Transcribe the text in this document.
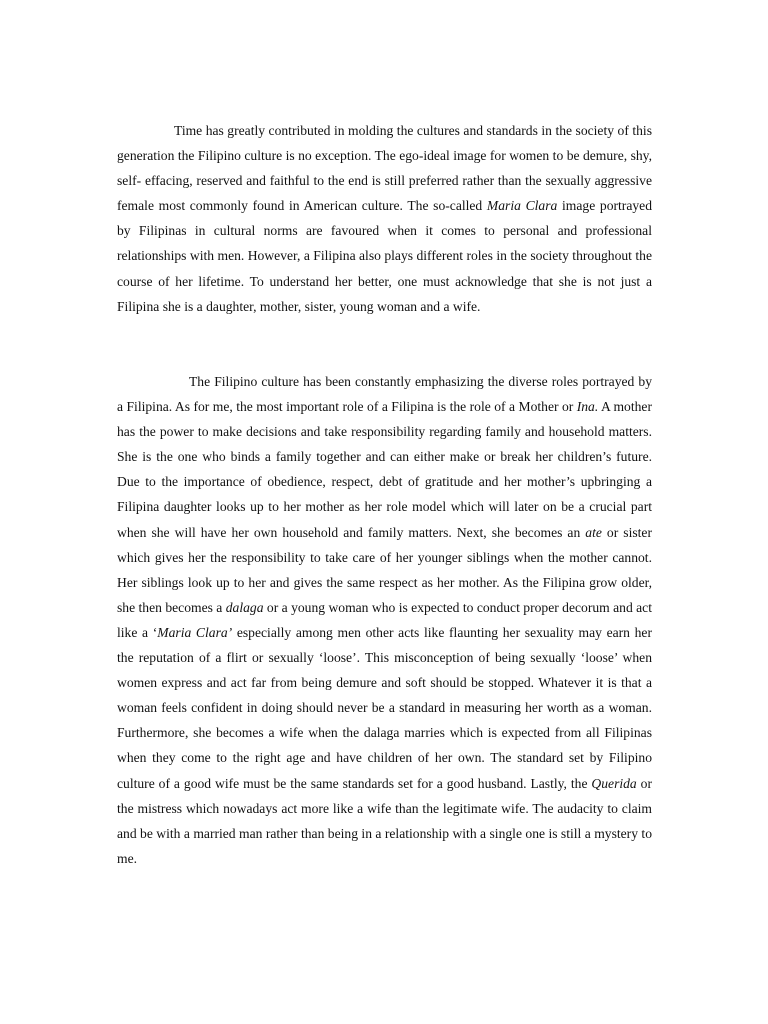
Time has greatly contributed in molding the cultures and standards in the society of this generation the Filipino culture is no exception. The ego-ideal image for women to be demure, shy, self- effacing, reserved and faithful to the end is still preferred rather than the sexually aggressive female most commonly found in American culture. The so-called Maria Clara image portrayed by Filipinas in cultural norms are favoured when it comes to personal and professional relationships with men. However, a Filipina also plays different roles in the society throughout the course of her lifetime. To understand her better, one must acknowledge that she is not just a Filipina she is a daughter, mother, sister, young woman and a wife.

The Filipino culture has been constantly emphasizing the diverse roles portrayed by a Filipina. As for me, the most important role of a Filipina is the role of a Mother or Ina. A mother has the power to make decisions and take responsibility regarding family and household matters. She is the one who binds a family together and can either make or break her children’s future. Due to the importance of obedience, respect, debt of gratitude and her mother’s upbringing a Filipina daughter looks up to her mother as her role model which will later on be a crucial part when she will have her own household and family matters. Next, she becomes an ate or sister which gives her the responsibility to take care of her younger siblings when the mother cannot. Her siblings look up to her and gives the same respect as her mother. As the Filipina grow older, she then becomes a dalaga or a young woman who is expected to conduct proper decorum and act like a ‘Maria Clara’ especially among men other acts like flaunting her sexuality may earn her the reputation of a flirt or sexually ‘loose’. This misconception of being sexually ‘loose’ when women express and act far from being demure and soft should be stopped. Whatever it is that a woman feels confident in doing should never be a standard in measuring her worth as a woman. Furthermore, she becomes a wife when the dalaga marries which is expected from all Filipinas when they come to the right age and have children of her own. The standard set by Filipino culture of a good wife must be the same standards set for a good husband. Lastly, the Querida or the mistress which nowadays act more like a wife than the legitimate wife. The audacity to claim and be with a married man rather than being in a relationship with a single one is still a mystery to me.
